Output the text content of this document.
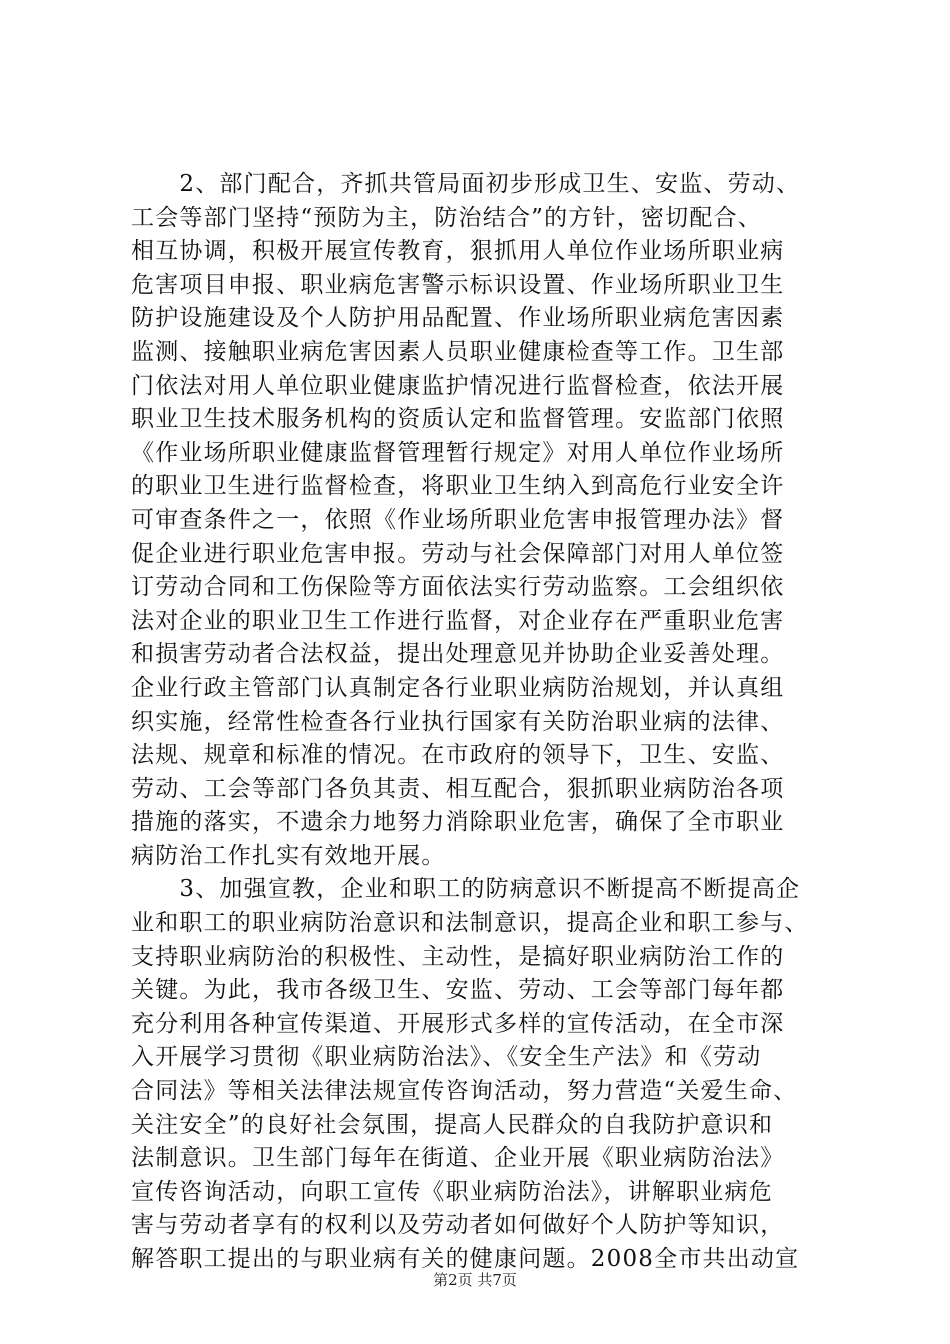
　　2、部门配合，齐抓共管局面初步形成卫生、安监、劳动、
工会等部门坚持“预防为主，防治结合”的方针，密切配合、
相互协调，积极开展宣传教育，狠抓用人单位作业场所职业病
危害项目申报、职业病危害警示标识设置、作业场所职业卫生
防护设施建设及个人防护用品配置、作业场所职业病危害因素
监测、接触职业病危害因素人员职业健康检查等工作。卫生部
门依法对用人单位职业健康监护情况进行监督检查，依法开展
职业卫生技术服务机构的资质认定和监督管理。安监部门依照
《作业场所职业健康监督管理暂行规定》对用人单位作业场所
的职业卫生进行监督检查，将职业卫生纳入到高危行业安全许
可审查条件之一，依照《作业场所职业危害申报管理办法》督
促企业进行职业危害申报。劳动与社会保障部门对用人单位签
订劳动合同和工伤保险等方面依法实行劳动监察。工会组织依
法对企业的职业卫生工作进行监督，对企业存在严重职业危害
和损害劳动者合法权益，提出处理意见并协助企业妥善处理。
企业行政主管部门认真制定各行业职业病防治规划，并认真组
织实施，经常性检查各行业执行国家有关防治职业病的法律、
法规、规章和标准的情况。在市政府的领导下，卫生、安监、
劳动、工会等部门各负其责、相互配合，狠抓职业病防治各项
措施的落实，不遗余力地努力消除职业危害，确保了全市职业
病防治工作扎实有效地开展。
　　3、加强宣教，企业和职工的防病意识不断提高不断提高企
业和职工的职业病防治意识和法制意识，提高企业和职工参与、
支持职业病防治的积极性、主动性，是搞好职业病防治工作的
关键。为此，我市各级卫生、安监、劳动、工会等部门每年都
充分利用各种宣传渠道、开展形式多样的宣传活动，在全市深
入开展学习贯彻《职业病防治法》、《安全生产法》和《劳动
合同法》等相关法律法规宣传咨询活动，努力营造“关爱生命、
关注安全”的良好社会氛围，提高人民群众的自我防护意识和
法制意识。卫生部门每年在街道、企业开展《职业病防治法》
宣传咨询活动，向职工宣传《职业病防治法》，讲解职业病危
害与劳动者享有的权利以及劳动者如何做好个人防护等知识，
解答职工提出的与职业病有关的健康问题。2008全市共出动宣
第2页 共7页
